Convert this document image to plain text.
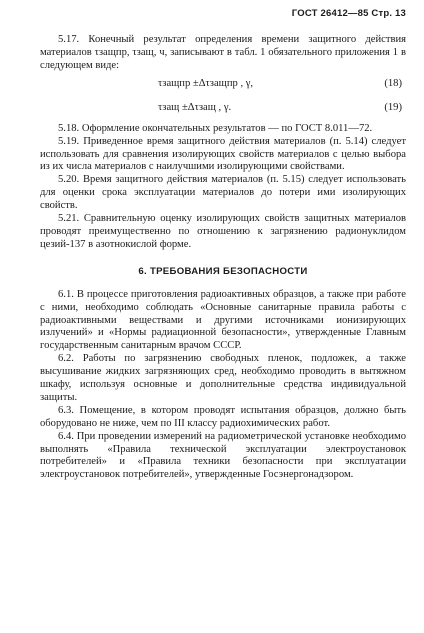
ГОСТ 26412—85 Стр. 13

5.17. Конечный результат определения времени защитного действия материалов τзащпр, τзащ, ч, записывают в табл. 1 обязательного приложения 1 в следующем виде:

τзащпр ±Δτзащпр , γ,	(18)
τзащ ±Δτзащ , γ.	(19)

5.18. Оформление окончательных результатов — по ГОСТ 8.011—72.

5.19. Приведенное время защитного действия материалов (п. 5.14) следует использовать для сравнения изолирующих свойств материалов с целью выбора из их числа материалов с наилучшими изолирующими свойствами.

5.20. Время защитного действия материалов (п. 5.15) следует использовать для оценки срока эксплуатации материалов до потери ими изолирующих свойств.

5.21. Сравнительную оценку изолирующих свойств защитных материалов проводят преимущественно по отношению к загрязнению радионуклидом цезий-137 в азотнокислой форме.

6. ТРЕБОВАНИЯ БЕЗОПАСНОСТИ

6.1. В процессе приготовления радиоактивных образцов, а также при работе с ними, необходимо соблюдать «Основные санитарные правила работы с радиоактивными веществами и другими источниками ионизирующих излучений» и «Нормы радиационной безопасности», утвержденные Главным государственным санитарным врачом СССР.

6.2. Работы по загрязнению свободных пленок, подложек, а также высушивание жидких загрязняющих сред, необходимо проводить в вытяжном шкафу, используя основные и дополнительные средства индивидуальной защиты.

6.3. Помещение, в котором проводят испытания образцов, должно быть оборудовано не ниже, чем по III классу радиохимических работ.

6.4. При проведении измерений на радиометрической установке необходимо выполнять «Правила технической эксплуатации электроустановок потребителей» и «Правила техники безопасности при эксплуатации электроустановок потребителей», утвержденные Госэнергонадзором.
